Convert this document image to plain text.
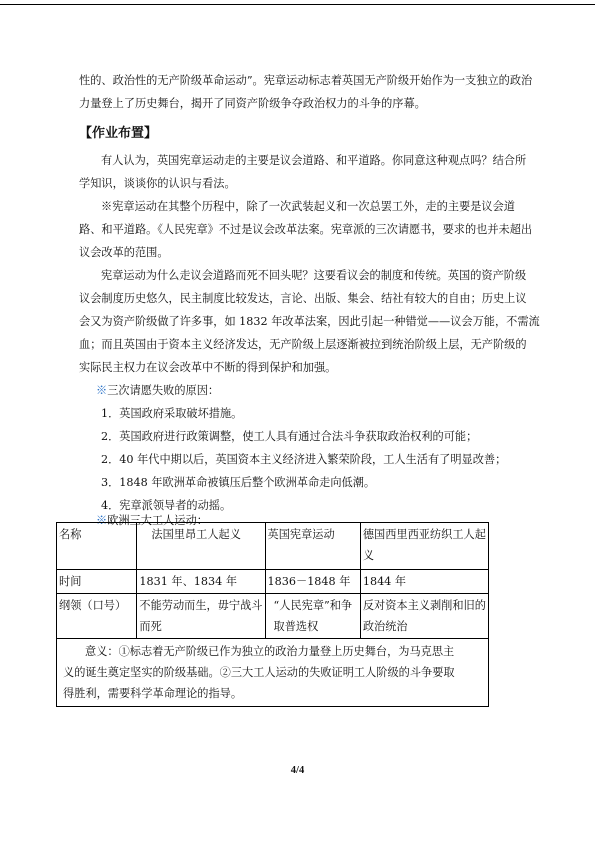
性的、政治性的无产阶级革命运动”。宪章运动标志着英国无产阶级开始作为一支独立的政治

力量登上了历史舞台，揭开了同资产阶级争夺政治权力的斗争的序幕。

【作业布置】

有人认为，英国宪章运动走的主要是议会道路、和平道路。你同意这种观点吗？结合所

学知识，谈谈你的认识与看法。

※宪章运动在其整个历程中，除了一次武装起义和一次总罢工外，走的主要是议会道

路、和平道路。《人民宪章》不过是议会改革法案。宪章派的三次请愿书，要求的也并未超出

议会改革的范围。

宪章运动为什么走议会道路而死不回头呢？这要看议会的制度和传统。英国的资产阶级

议会制度历史悠久，民主制度比较发达，言论、出版、集会、结社有较大的自由；历史上议

会又为资产阶级做了许多事，如 1832 年改革法案，因此引起一种错觉——议会万能，不需流

血；而且英国由于资本主义经济发达，无产阶级上层逐渐被拉到统治阶级上层，无产阶级的

实际民主权力在议会改革中不断的得到保护和加强。

※三次请愿失败的原因：

1．英国政府采取破坏措施。

2．英国政府进行政策调整，使工人具有通过合法斗争获取政治权利的可能；

2．40 年代中期以后，英国资本主义经济进入繁荣阶段，工人生活有了明显改善；

3．1848 年欧洲革命被镇压后整个欧洲革命走向低潮。

4．宪章派领导者的动摇。

※欧洲三大工人运动：

名称	法国里昂工人起义	英国宪章运动	德国西里西亚纺织工人起义
时间	1831 年、1834 年	1836－1848 年	1844 年
纲领（口号）	不能劳动而生，毋宁战斗而死	“人民宪章”和争取普选权	反对资本主义剥削和旧的政治统治

意义：①标志着无产阶级已作为独立的政治力量登上历史舞台，为马克思主
义的诞生奠定坚实的阶级基础。②三大工人运动的失败证明工人阶级的斗争要取
得胜利，需要科学革命理论的指导。			
4/4
